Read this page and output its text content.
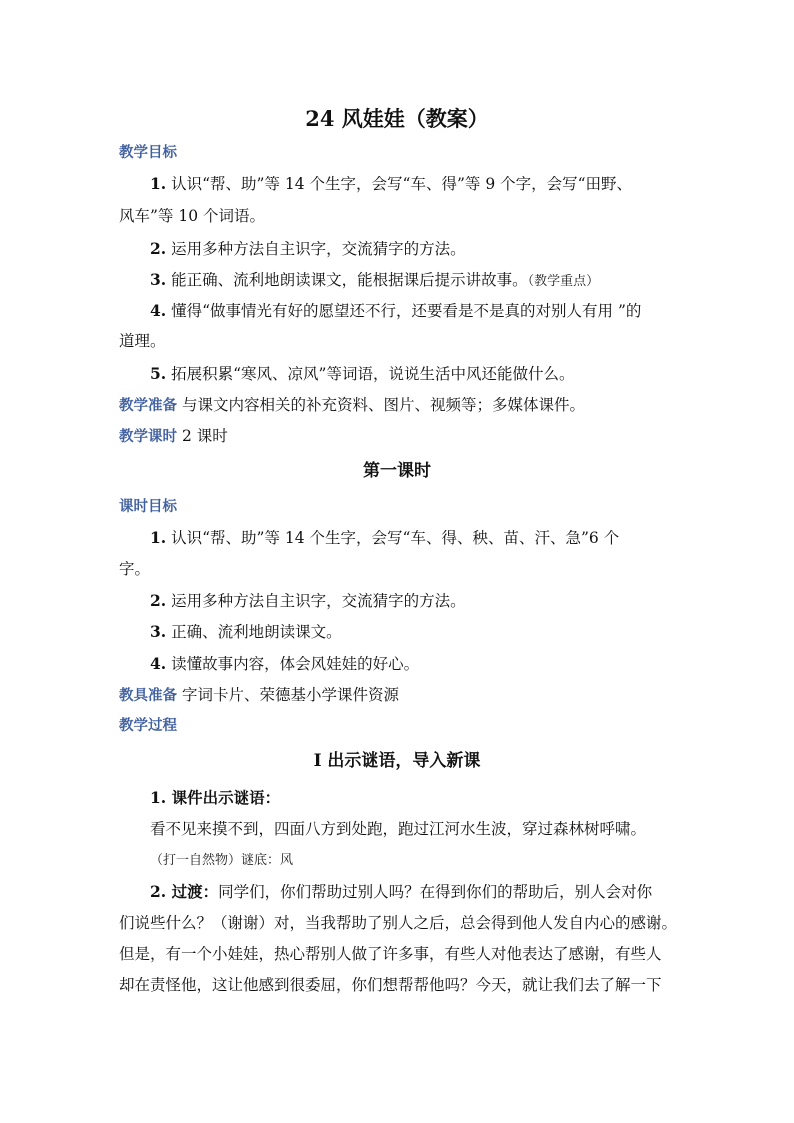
24 风娃娃（教案）
教学目标
1. 认识“帮、助”等 14 个生字，会写“车、得”等 9 个字，会写“田野、
风车”等 10 个词语。
2. 运用多种方法自主识字，交流猜字的方法。
3. 能正确、流利地朗读课文，能根据课后提示讲故事。（教学重点）
4. 懂得“做事情光有好的愿望还不行，还要看是不是真的对别人有用 ”的
道理。
5. 拓展积累“寒风、凉风”等词语，说说生活中风还能做什么。
教学准备 与课文内容相关的补充资料、图片、视频等；多媒体课件。
教学课时 2 课时
第一课时
课时目标
1. 认识“帮、助”等 14 个生字，会写“车、得、秧、苗、汗、急”6 个
字。
2. 运用多种方法自主识字，交流猜字的方法。
3. 正确、流利地朗读课文。
4. 读懂故事内容，体会风娃娃的好心。
教具准备 字词卡片、荣德基小学课件资源
教学过程
Ⅰ 出示谜语，导入新课
1. 课件出示谜语：
看不见来摸不到，四面八方到处跑，跑过江河水生波，穿过森林树呼啸。
（打一自然物）谜底：风
2. 过渡：同学们，你们帮助过别人吗？在得到你们的帮助后，别人会对你
们说些什么？（谢谢）对，当我帮助了别人之后，总会得到他人发自内心的感谢。
但是，有一个小娃娃，热心帮别人做了许多事，有些人对他表达了感谢，有些人
却在责怪他，这让他感到很委屈，你们想帮帮他吗？今天，就让我们去了解一下
